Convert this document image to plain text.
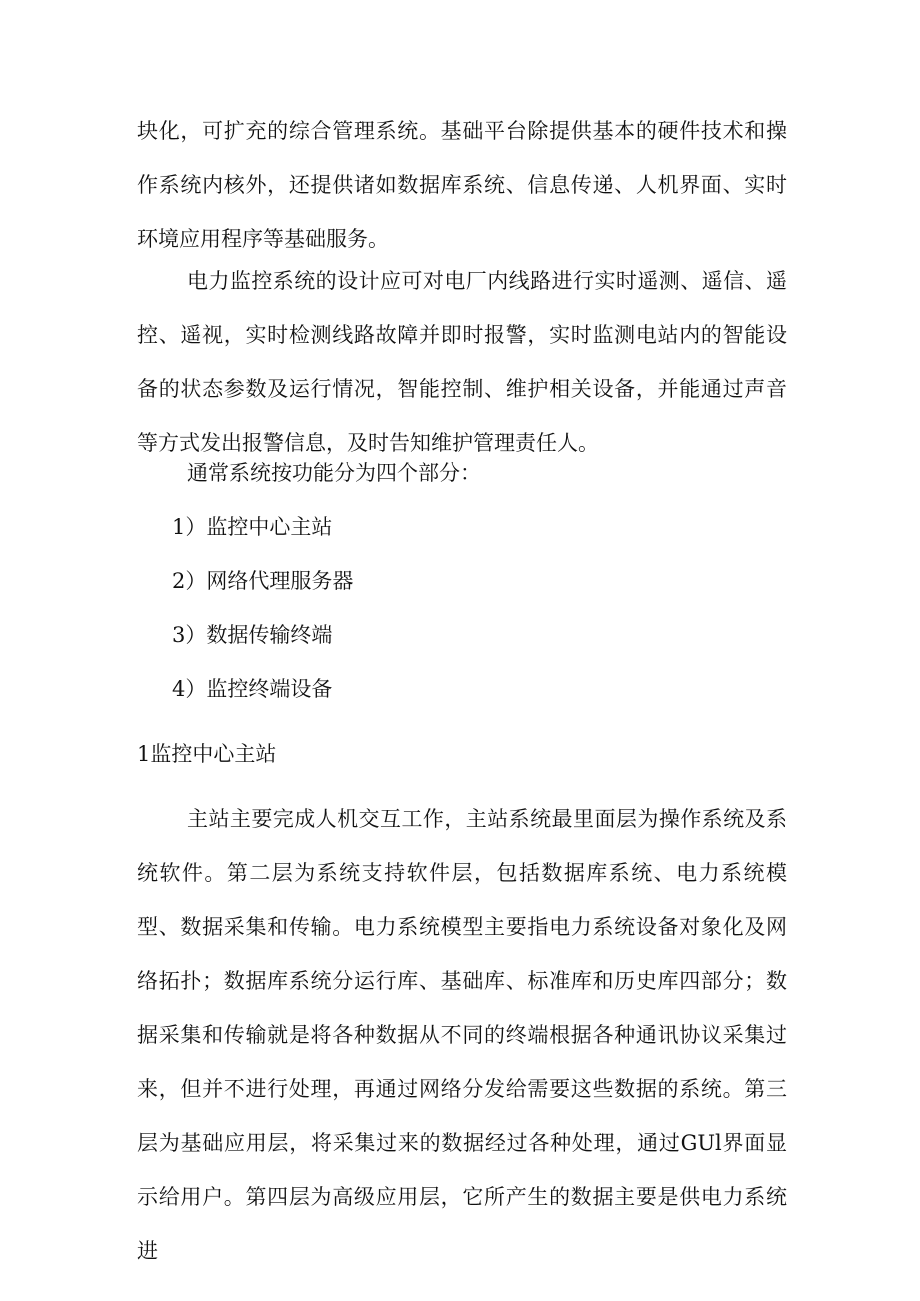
块化，可扩充的综合管理系统。基础平台除提供基本的硬件技术和操作系统内核外，还提供诸如数据库系统、信息传递、人机界面、实时环境应用程序等基础服务。

电力监控系统的设计应可对电厂内线路进行实时遥测、遥信、遥控、遥视，实时检测线路故障并即时报警，实时监测电站内的智能设备的状态参数及运行情况，智能控制、维护相关设备，并能通过声音等方式发出报警信息，及时告知维护管理责任人。

通常系统按功能分为四个部分：

1）监控中心主站

2）网络代理服务器

3）数据传输终端

4）监控终端设备

1监控中心主站

主站主要完成人机交互工作，主站系统最里面层为操作系统及系统软件。第二层为系统支持软件层，包括数据库系统、电力系统模型、数据采集和传输。电力系统模型主要指电力系统设备对象化及网络拓扑；数据库系统分运行库、基础库、标准库和历史库四部分；数据采集和传输就是将各种数据从不同的终端根据各种通讯协议采集过来，但并不进行处理，再通过网络分发给需要这些数据的系统。第三层为基础应用层，将采集过来的数据经过各种处理，通过GUl界面显示给用户。第四层为高级应用层，它所产生的数据主要是供电力系统进
